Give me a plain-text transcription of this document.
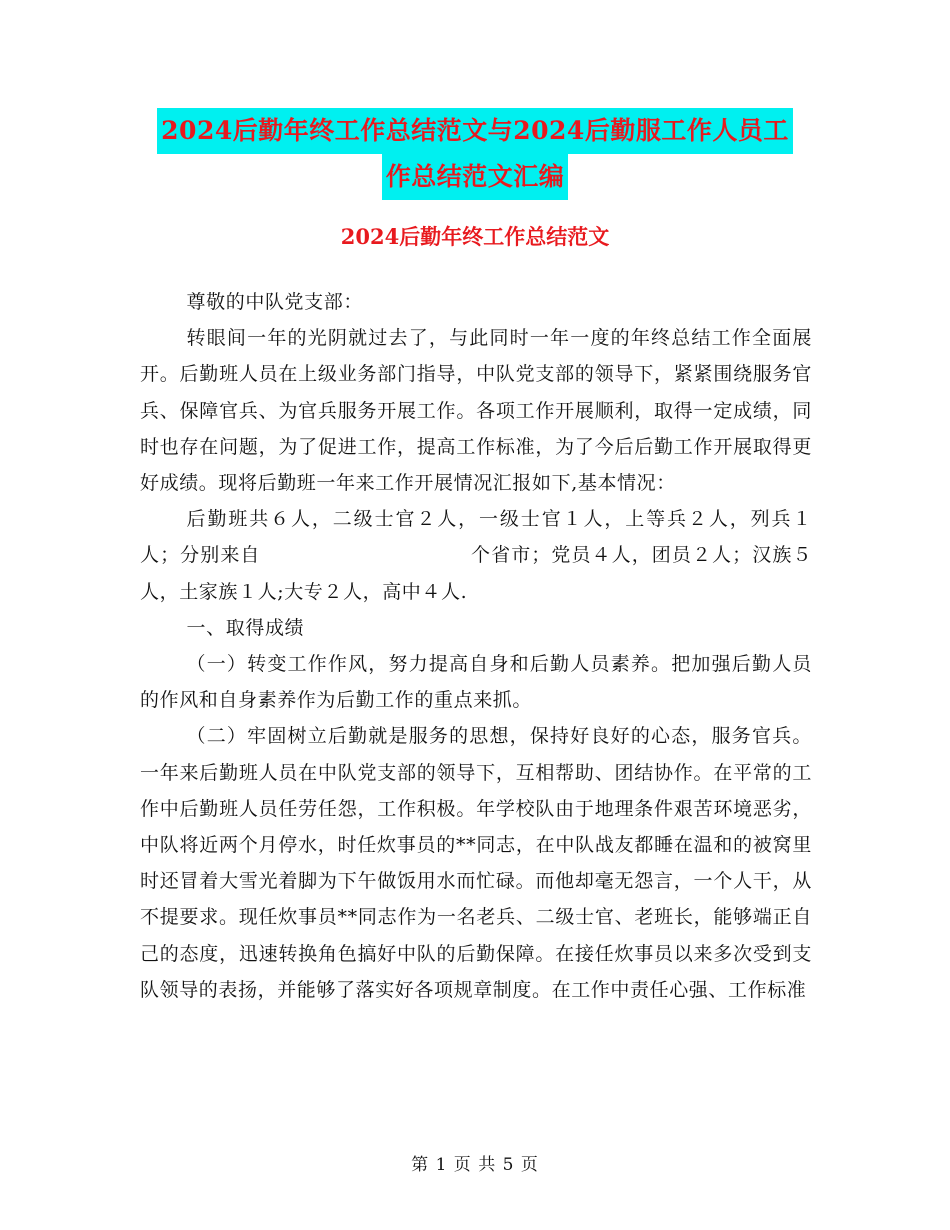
2024后勤年终工作总结范文与2024后勤服工作人员工
作总结范文汇编
2024后勤年终工作总结范文

尊敬的中队党支部：

转眼间一年的光阴就过去了，与此同时一年一度的年终总结工作全面展开。后勤班人员在上级业务部门指导，中队党支部的领导下，紧紧围绕服务官兵、保障官兵、为官兵服务开展工作。各项工作开展顺利，取得一定成绩，同时也存在问题，为了促进工作，提高工作标准，为了今后后勤工作开展取得更好成绩。现将后勤班一年来工作开展情况汇报如下,基本情况：

后勤班共６人，二级士官２人，一级士官１人，上等兵２人，列兵１人；分别来自	个省市；党员４人，团员２人；汉族５人，土家族１人;大专２人，高中４人.

一、取得成绩

（一）转变工作作风，努力提高自身和后勤人员素养。把加强后勤人员的作风和自身素养作为后勤工作的重点来抓。

（二）牢固树立后勤就是服务的思想，保持好良好的心态，服务官兵。一年来后勤班人员在中队党支部的领导下，互相帮助、团结协作。在平常的工作中后勤班人员任劳任怨，工作积极。年学校队由于地理条件艰苦环境恶劣，中队将近两个月停水，时任炊事员的**同志，在中队战友都睡在温和的被窝里时还冒着大雪光着脚为下午做饭用水而忙碌。而他却毫无怨言，一个人干，从不提要求。现任炊事员**同志作为一名老兵、二级士官、老班长，能够端正自己的态度，迅速转换角色搞好中队的后勤保障。在接任炊事员以来多次受到支队领导的表扬，并能够了落实好各项规章制度。在工作中责任心强、工作标准

第 1 页 共 5 页
